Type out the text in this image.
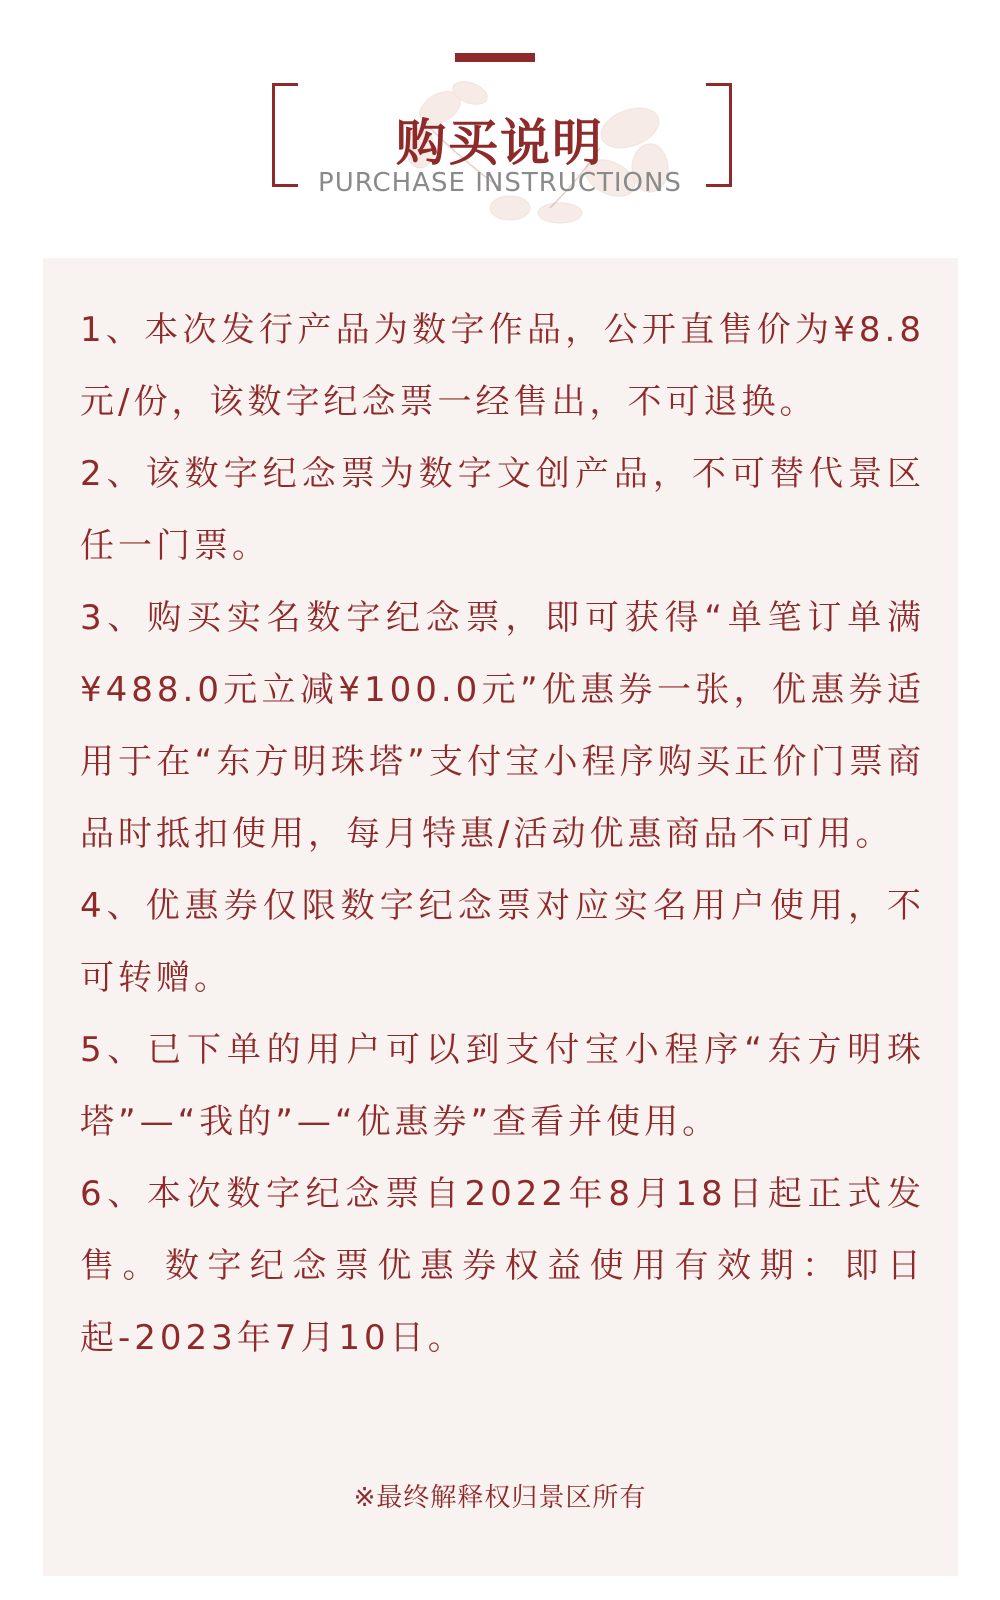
购买说明
PURCHASE INSTRUCTIONS

1、本次发行产品为数字作品，公开直售价为¥8.8元/份，该数字纪念票一经售出，不可退换。

2、该数字纪念票为数字文创产品，不可替代景区任一门票。

3、购买实名数字纪念票，即可获得“单笔订单满¥488.0元立减¥100.0元”优惠券一张，优惠券适用于在“东方明珠塔”支付宝小程序购买正价门票商品时抵扣使用，每月特惠/活动优惠商品不可用。

4、优惠券仅限数字纪念票对应实名用户使用，不可转赠。

5、已下单的用户可以到支付宝小程序“东方明珠塔”—“我的”—“优惠券”查看并使用。

6、本次数字纪念票自2022年8月18日起正式发售。数字纪念票优惠券权益使用有效期：即日起-2023年7月10日。

※最终解释权归景区所有
